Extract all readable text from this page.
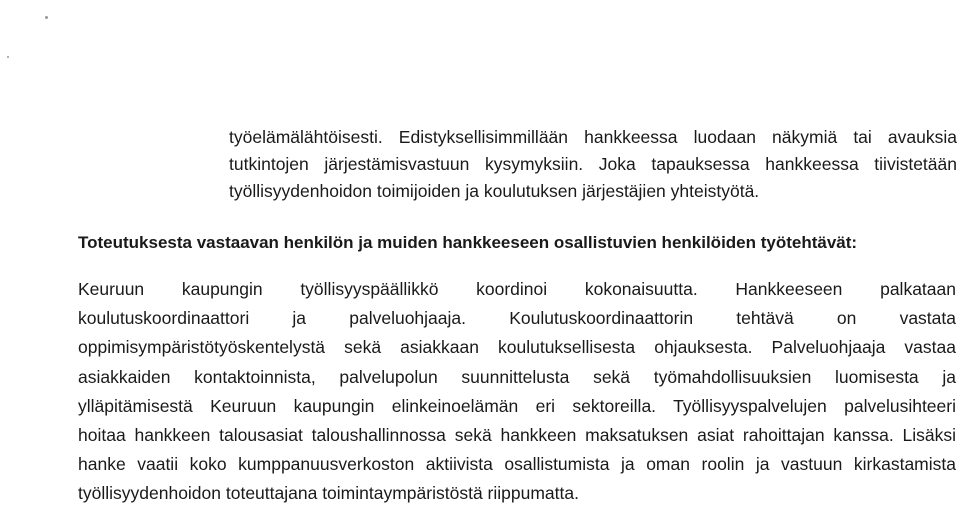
työelämälähtöisesti. Edistyksellisimmillään hankkeessa luodaan näkymiä tai avauksia
tutkintojen järjestämisvastuun kysymyksiin. Joka tapauksessa hankkeessa tiivistetään
työllisyydenhoidon toimijoiden ja koulutuksen järjestäjien yhteistyötä.
Toteutuksesta vastaavan henkilön ja muiden hankkeeseen osallistuvien henkilöiden työtehtävät:
Keuruun kaupungin työllisyyspäällikkö koordinoi kokonaisuutta. Hankkeeseen palkataan
koulutuskoordinaattori ja palveluohjaaja. Koulutuskoordinaattorin tehtävä on vastata
oppimisympäristötyöskentelystä sekä asiakkaan koulutuksellisesta ohjauksesta. Palveluohjaaja vastaa
asiakkaiden kontaktoinnista, palvelupolun suunnittelusta sekä työmahdollisuuksien luomisesta ja
ylläpitämisestä Keuruun kaupungin elinkeinoelämän eri sektoreilla. Työllisyyspalvelujen palvelusihteeri
hoitaa hankkeen talousasiat taloushallinnossa sekä hankkeen maksatuksen asiat rahoittajan kanssa. Lisäksi
hanke vaatii koko kumppanuusverkoston aktiivista osallistumista ja oman roolin ja vastuun kirkastamista
työllisyydenhoidon toteuttajana toimintaympäristöstä riippumatta.
